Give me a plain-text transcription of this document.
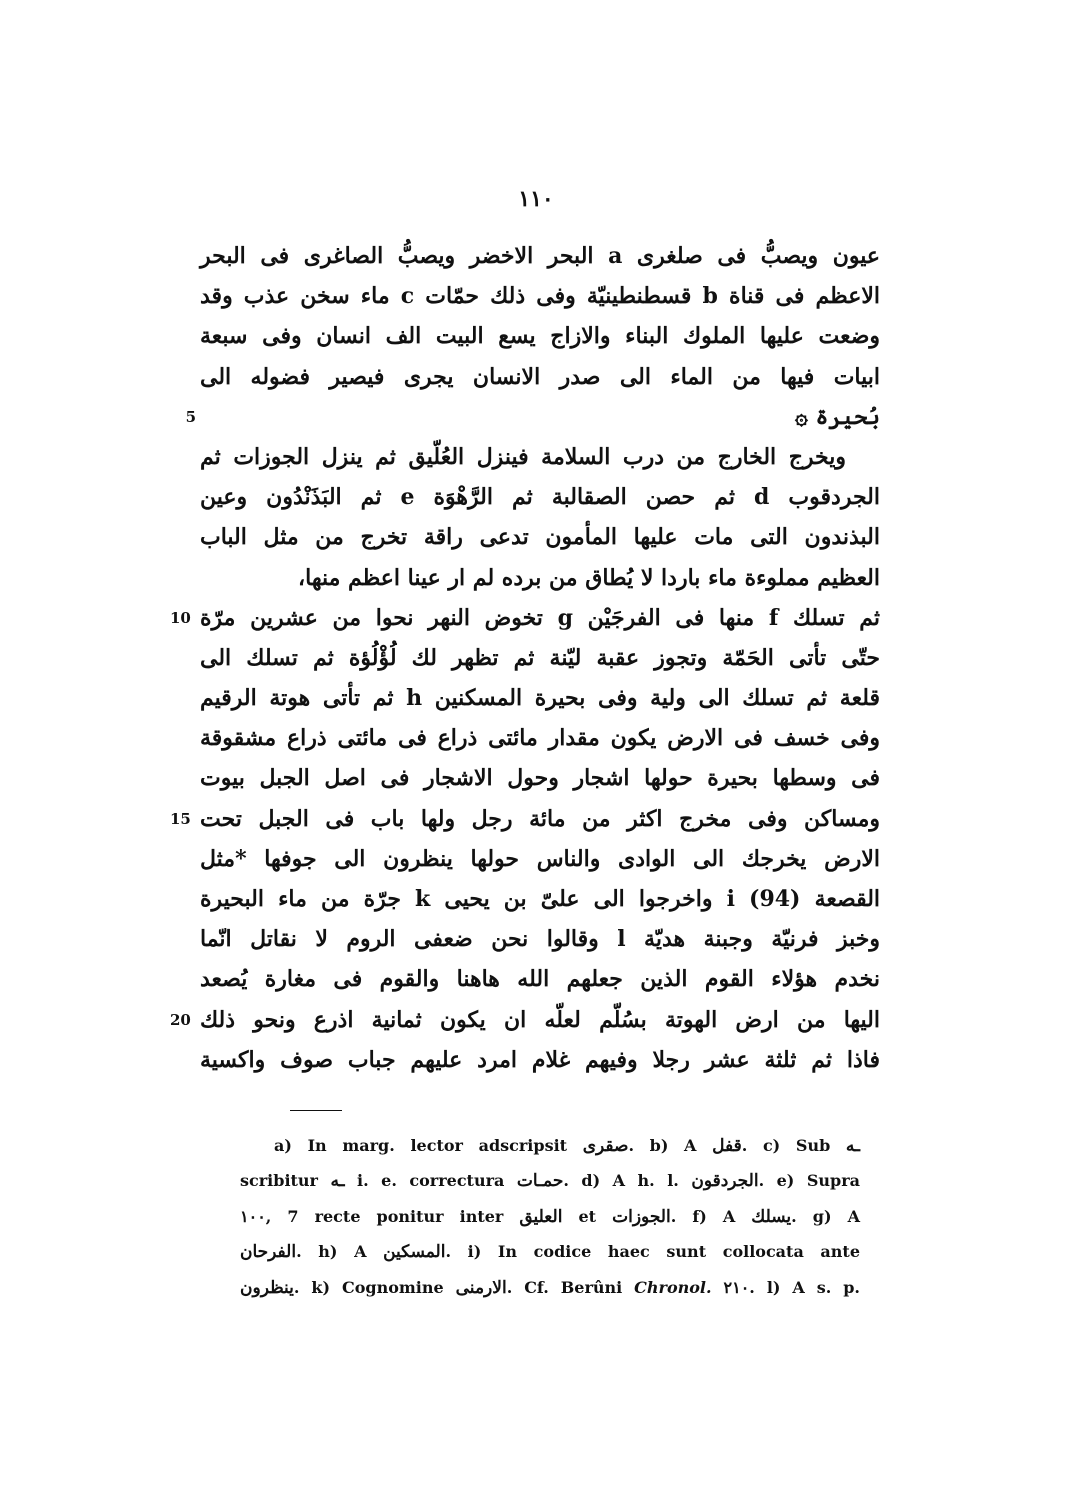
١١٠
عيون ويصبُّ فى صلغرى a البحر الاخضر ويصبُّ الصاغرى فى البحر
الاعظم فى قناة b قسطنطينيّة وفى ذلك حمّات c ماء سخن عذب وقد
وضعت عليها الملوك البناء والازاج يسع البيت الف انسان وفى سبعة
ابيات فيها من الماء الى صدر الانسان يجرى فيصير فضوله الى
5	بُحيرة ۞
ويخرج الخارج من درب السلامة فينزل العُلّيق ثم ينزل الجوزات ثم
الجردقوب d ثم حصن الصقالبة ثم الرَّهْوَة e ثم البَذَنْدُون وعين
البذندون التى مات عليها المأمون تدعى راقة تخرج من مثل الباب
العظيم مملوءة ماء باردا لا يُطاق من برده لم ار عينا اعظم منها،
10 ثم تسلك f منها فى الفرجَيْن g تخوض النهر نحوا من عشرين مرّة
حتّى تأتى الحَمّة وتجوز عقبة ليّنة ثم تظهر لك لُؤْلُؤة ثم تسلك الى
قلعة ثم تسلك الى ولية وفى بحيرة المسكنين h ثم تأتى هوتة الرقيم
وفى خسف فى الارض يكون مقدار مائتى ذراع فى مائتى ذراع مشقوقة
فى وسطها بحيرة حولها اشجار وحول الاشجار فى اصل الجبل بيوت
15 ومساكن وفى مخرج اكثر من مائة رجل ولها باب فى الجبل تحت
الارض يخرجك الى الوادى والناس حولها ينظرون الى جوفها *مثل
القصعة i (94) واخرجوا الى علىّ بن يحيى k جرّة من ماء البحيرة
وخبز فرنيّة وجبنة هديّة l وقالوا نحن ضعفى الروم لا نقاتل انّما
نخدم هؤلاء القوم الذين جعلهم الله هاهنا والقوم فى مغارة يُصعد
20 اليها من ارض الهوتة بسُلّم لعلّه ان يكون ثمانية اذرع ونحو ذلك
فاذا ثم ثلثة عشر رجلا وفيهم غلام امرد عليهم جباب صوف واكسية
a) In marg. lector adscripsit صقرى. b) A قفل. c) Sub ـه
scribitur ـه i. e. correctura حمـات. d) A h. l. الجردقون. e) Supra
١٠٠, 7 recte ponitur inter العليق et الجوزات. f) A يسلك. g) A
الفرحان. h) A المسكين. i) In codice haec sunt collocata ante
ينظرون. k) Cognomine الارمنى. Cf. Berûni Chronol. ٢١٠. l) A s. p.
